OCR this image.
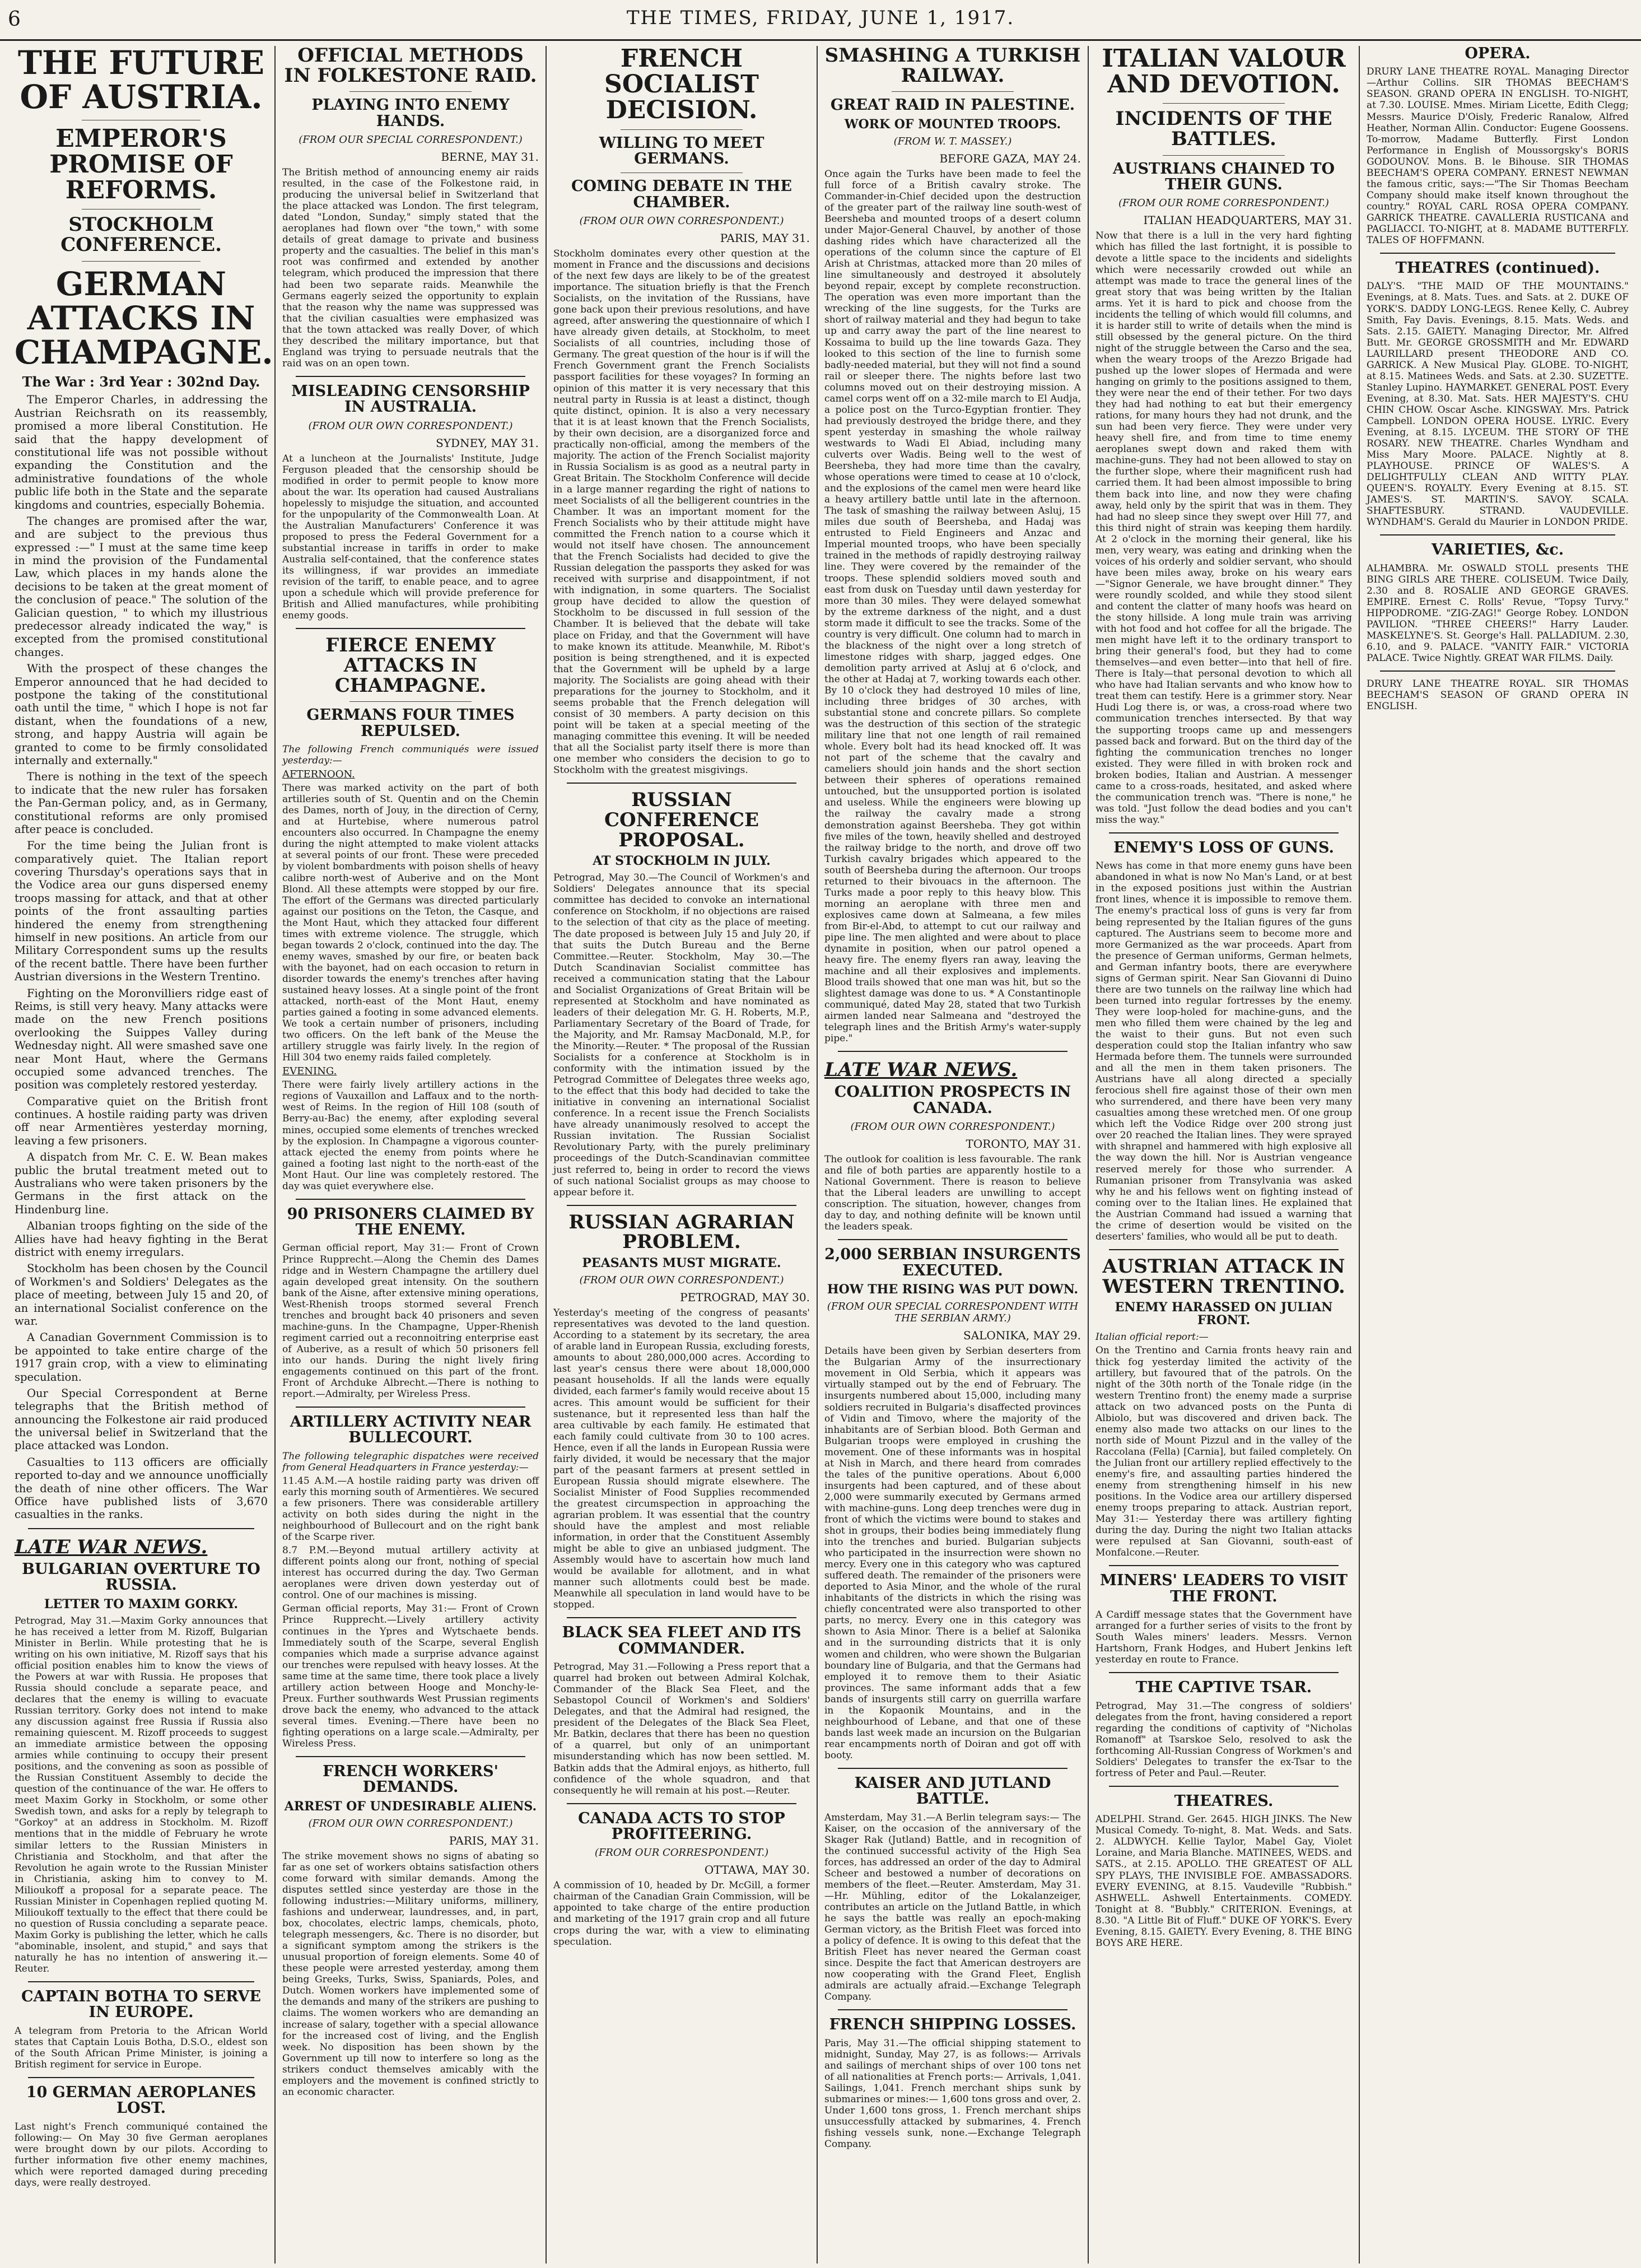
6	THE TIMES, FRIDAY, JUNE 1, 1917.
THE FUTURE OF AUSTRIA.
EMPEROR'S PROMISE OF REFORMS.
STOCKHOLM CONFERENCE.
GERMAN ATTACKS IN CHAMPAGNE.
The War : 3rd Year : 302nd Day.

The Emperor Charles, in addressing the Austrian Reichsrath on its reassembly, promised a more liberal Constitution. He said that the happy development of constitutional life was not possible without expanding the Constitution and the administrative foundations of the whole public life both in the State and the separate kingdoms and countries, especially Bohemia.

The changes are promised after the war, and are subject to the previous thus expressed :—" I must at the same time keep in mind the provision of the Fundamental Law, which places in my hands alone the decisions to be taken at the great moment of the conclusion of peace." The solution of the Galician question, " to which my illustrious predecessor already indicated the way," is excepted from the promised constitutional changes.

With the prospect of these changes the Emperor announced that he had decided to postpone the taking of the constitutional oath until the time, " which I hope is not far distant, when the foundations of a new, strong, and happy Austria will again be granted to come to be firmly consolidated internally and externally."

There is nothing in the text of the speech to indicate that the new ruler has forsaken the Pan-German policy, and, as in Germany, constitutional reforms are only promised after peace is concluded.

For the time being the Julian front is comparatively quiet. The Italian report covering Thursday's operations says that in the Vodice area our guns dispersed enemy troops massing for attack, and that at other points of the front assaulting parties hindered the enemy from strengthening himself in new positions. An article from our Military Correspondent sums up the results of the recent battle. There have been further Austrian diversions in the Western Trentino.

Fighting on the Moronvilliers ridge east of Reims, is still very heavy. Many attacks were made on the new French positions overlooking the Suippes Valley during Wednesday night. All were smashed save one near Mont Haut, where the Germans occupied some advanced trenches. The position was completely restored yesterday.

Comparative quiet on the British front continues. A hostile raiding party was driven off near Armentières yesterday morning, leaving a few prisoners.

A dispatch from Mr. C. E. W. Bean makes public the brutal treatment meted out to Australians who were taken prisoners by the Germans in the first attack on the Hindenburg line.

Albanian troops fighting on the side of the Allies have had heavy fighting in the Berat district with enemy irregulars.

Stockholm has been chosen by the Council of Workmen's and Soldiers' Delegates as the place of meeting, between July 15 and 20, of an international Socialist conference on the war.

A Canadian Government Commission is to be appointed to take entire charge of the 1917 grain crop, with a view to eliminating speculation.

Our Special Correspondent at Berne telegraphs that the British method of announcing the Folkestone air raid produced the universal belief in Switzerland that the place attacked was London.

Casualties to 113 officers are officially reported to-day and we announce unofficially the death of nine other officers. The War Office have published lists of 3,670 casualties in the ranks.

LATE WAR NEWS.
BULGARIAN OVERTURE TO RUSSIA.
LETTER TO MAXIM GORKY.

Petrograd, May 31.—Maxim Gorky announces that he has received a letter from M. Rizoff, Bulgarian Minister in Berlin. While protesting that he is writing on his own initiative, M. Rizoff says that his official position enables him to know the views of the Powers at war with Russia. He proposes that Russia should conclude a separate peace, and declares that the enemy is willing to evacuate Russian territory. Gorky does not intend to make any discussion against free Russia if Russia also remaining quiescent. M. Rizoff proceeds to suggest an immediate armistice between the opposing armies while continuing to occupy their present positions, and the convening as soon as possible of the Russian Constituent Assembly to decide the question of the continuance of the war. He offers to meet Maxim Gorky in Stockholm, or some other Swedish town, and asks for a reply by telegraph to "Gorkoy" at an address in Stockholm. M. Rizoff mentions that in the middle of February he wrote similar letters to the Russian Ministers in Christiania and Stockholm, and that after the Revolution he again wrote to the Russian Minister in Christiania, asking him to convey to M. Milioukoff a proposal for a separate peace. The Russian Minister in Copenhagen replied quoting M. Milioukoff textually to the effect that there could be no question of Russia concluding a separate peace. Maxim Gorky is publishing the letter, which he calls "abominable, insolent, and stupid," and says that naturally he has no intention of answering it.—Reuter.

CAPTAIN BOTHA TO SERVE IN EUROPE.

A telegram from Pretoria to the African World states that Captain Louis Botha, D.S.O., eldest son of the South African Prime Minister, is joining a British regiment for service in Europe.

10 GERMAN AEROPLANES LOST.

Last night's French communiqué contained the following:— On May 30 five German aeroplanes were brought down by our pilots. According to further information five other enemy machines, which were reported damaged during preceding days, were really destroyed.

OFFICIAL METHODS IN FOLKESTONE RAID.
PLAYING INTO ENEMY HANDS.
(FROM OUR SPECIAL CORRESPONDENT.)
BERNE, MAY 31.

The British method of announcing enemy air raids resulted, in the case of the Folkestone raid, in producing the universal belief in Switzerland that the place attacked was London. The first telegram, dated "London, Sunday," simply stated that the aeroplanes had flown over "the town," with some details of great damage to private and business property and the casualties. The belief in this man's root was confirmed and extended by another telegram, which produced the impression that there had been two separate raids. Meanwhile the Germans eagerly seized the opportunity to explain that the reason why the name was suppressed was that the civilian casualties were emphasized was that the town attacked was really Dover, of which they described the military importance, but that England was trying to persuade neutrals that the raid was on an open town.

MISLEADING CENSORSHIP IN AUSTRALIA.
(FROM OUR OWN CORRESPONDENT.)
SYDNEY, MAY 31.

At a luncheon at the Journalists' Institute, Judge Ferguson pleaded that the censorship should be modified in order to permit people to know more about the war. Its operation had caused Australians hopelessly to misjudge the situation, and accounted for the unpopularity of the Commonwealth Loan. At the Australian Manufacturers' Conference it was proposed to press the Federal Government for a substantial increase in tariffs in order to make Australia self-contained, that the conference states its willingness, if war provides an immediate revision of the tariff, to enable peace, and to agree upon a schedule which will provide preference for British and Allied manufactures, while prohibiting enemy goods.

FIERCE ENEMY ATTACKS IN CHAMPAGNE.
GERMANS FOUR TIMES REPULSED.

The following French communiqués were issued yesterday:—

AFTERNOON.

There was marked activity on the part of both artilleries south of St. Quentin and on the Chemin des Dames, north of Jouy, in the direction of Cerny, and at Hurtebise, where numerous patrol encounters also occurred. In Champagne the enemy during the night attempted to make violent attacks at several points of our front. These were preceded by violent bombardments with poison shells of heavy calibre north-west of Auberive and on the Mont Blond. All these attempts were stopped by our fire. The effort of the Germans was directed particularly against our positions on the Teton, the Casque, and the Mont Haut, which they attacked four different times with extreme violence. The struggle, which began towards 2 o'clock, continued into the day. The enemy waves, smashed by our fire, or beaten back with the bayonet, had on each occasion to return in disorder towards the enemy's trenches after having sustained heavy losses. At a single point of the front attacked, north-east of the Mont Haut, enemy parties gained a footing in some advanced elements. We took a certain number of prisoners, including two officers. On the left bank of the Meuse the artillery struggle was fairly lively. In the region of Hill 304 two enemy raids failed completely.

EVENING.

There were fairly lively artillery actions in the regions of Vauxaillon and Laffaux and to the north-west of Reims. In the region of Hill 108 (south of Berry-au-Bac) the enemy, after exploding several mines, occupied some elements of trenches wrecked by the explosion. In Champagne a vigorous counter-attack ejected the enemy from points where he gained a footing last night to the north-east of the Mont Haut. Our line was completely restored. The day was quiet everywhere else.

90 PRISONERS CLAIMED BY THE ENEMY.

German official report, May 31:— Front of Crown Prince Rupprecht.—Along the Chemin des Dames ridge and in Western Champagne the artillery duel again developed great intensity. On the southern bank of the Aisne, after extensive mining operations, West-Rhenish troops stormed several French trenches and brought back 40 prisoners and seven machine-guns. In the Champagne, Upper-Rhenish regiment carried out a reconnoitring enterprise east of Auberive, as a result of which 50 prisoners fell into our hands. During the night lively firing engagements continued on this part of the front. Front of Archduke Albrecht.—There is nothing to report.—Admiralty, per Wireless Press.

ARTILLERY ACTIVITY NEAR BULLECOURT.

The following telegraphic dispatches were received from General Headquarters in France yesterday:—

11.45 A.M.—A hostile raiding party was driven off early this morning south of Armentières. We secured a few prisoners. There was considerable artillery activity on both sides during the night in the neighbourhood of Bullecourt and on the right bank of the Scarpe river.

8.7 P.M.—Beyond mutual artillery activity at different points along our front, nothing of special interest has occurred during the day. Two German aeroplanes were driven down yesterday out of control. One of our machines is missing.

German official reports, May 31:— Front of Crown Prince Rupprecht.—Lively artillery activity continues in the Ypres and Wytschaete bends. Immediately south of the Scarpe, several English companies which made a surprise advance against our trenches were repulsed with heavy losses. At the same time at the same time, there took place a lively artillery action between Hooge and Monchy-le-Preux. Further southwards West Prussian regiments drove back the enemy, who advanced to the attack several times. Evening.—There have been no fighting operations on a large scale.—Admiralty, per Wireless Press.

FRENCH WORKERS' DEMANDS.
ARREST OF UNDESIRABLE ALIENS.
(FROM OUR OWN CORRESPONDENT.)
PARIS, MAY 31.

The strike movement shows no signs of abating so far as one set of workers obtains satisfaction others come forward with similar demands. Among the disputes settled since yesterday are those in the following industries:—Military uniforms, millinery, fashions and underwear, laundresses, and, in part, box, chocolates, electric lamps, chemicals, photo, telegraph messengers, &c. There is no disorder, but a significant symptom among the strikers is the unusual proportion of foreign elements. Some 40 of these people were arrested yesterday, among them being Greeks, Turks, Swiss, Spaniards, Poles, and Dutch. Women workers have implemented some of the demands and many of the strikers are pushing to claims. The women workers who are demanding an increase of salary, together with a special allowance for the increased cost of living, and the English week. No disposition has been shown by the Government up till now to interfere so long as the strikers conduct themselves amicably with the employers and the movement is confined strictly to an economic character.

FRENCH SOCIALIST DECISION.
WILLING TO MEET GERMANS.
COMING DEBATE IN THE CHAMBER.
(FROM OUR OWN CORRESPONDENT.)
PARIS, MAY 31.

Stockholm dominates every other question at the moment in France and the discussions and decisions of the next few days are likely to be of the greatest importance. The situation briefly is that the French Socialists, on the invitation of the Russians, have gone back upon their previous resolutions, and have agreed, after answering the questionnaire of which I have already given details, at Stockholm, to meet Socialists of all countries, including those of Germany. The great question of the hour is if will the French Government grant the French Socialists passport facilities for these voyages? In forming an opinion of this matter it is very necessary that this neutral party in Russia is at least a distinct, though quite distinct, opinion. It is also a very necessary that it is at least known that the French Socialists, by their own decision, are a disorganized force and practically non-official, among the members of the majority. The action of the French Socialist majority in Russia Socialism is as good as a neutral party in Great Britain. The Stockholm Conference will decide in a large manner regarding the right of nations to meet Socialists of all the belligerent countries in the Chamber. It was an important moment for the French Socialists who by their attitude might have committed the French nation to a course which it would not itself have chosen. The announcement that the French Socialists had decided to give the Russian delegation the passports they asked for was received with surprise and disappointment, if not with indignation, in some quarters. The Socialist group have decided to allow the question of Stockholm to be discussed in full session of the Chamber. It is believed that the debate will take place on Friday, and that the Government will have to make known its attitude. Meanwhile, M. Ribot's position is being strengthened, and it is expected that the Government will be upheld by a large majority. The Socialists are going ahead with their preparations for the journey to Stockholm, and it seems probable that the French delegation will consist of 30 members. A party decision on this point will be taken at a special meeting of the managing committee this evening. It will be needed that all the Socialist party itself there is more than one member who considers the decision to go to Stockholm with the greatest misgivings.

RUSSIAN CONFERENCE PROPOSAL.
AT STOCKHOLM IN JULY.

Petrograd, May 30.—The Council of Workmen's and Soldiers' Delegates announce that its special committee has decided to convoke an international conference on Stockholm, if no objections are raised to the selection of that city as the place of meeting. The date proposed is between July 15 and July 20, if that suits the Dutch Bureau and the Berne Committee.—Reuter. Stockholm, May 30.—The Dutch Scandinavian Socialist committee has received a communication stating that the Labour and Socialist Organizations of Great Britain will be represented at Stockholm and have nominated as leaders of their delegation Mr. G. H. Roberts, M.P., Parliamentary Secretary of the Board of Trade, for the Majority, and Mr. Ramsay MacDonald, M.P., for the Minority.—Reuter. * The proposal of the Russian Socialists for a conference at Stockholm is in conformity with the intimation issued by the Petrograd Committee of Delegates three weeks ago, to the effect that this body had decided to take the initiative in convening an international Socialist conference. In a recent issue the French Socialists have already unanimously resolved to accept the Russian invitation. The Russian Socialist Revolutionary Party, with the purely preliminary proceedings of the Dutch-Scandinavian committee just referred to, being in order to record the views of such national Socialist groups as may choose to appear before it.

RUSSIAN AGRARIAN PROBLEM.
PEASANTS MUST MIGRATE.
(FROM OUR OWN CORRESPONDENT.)
PETROGRAD, MAY 30.

Yesterday's meeting of the congress of peasants' representatives was devoted to the land question. According to a statement by its secretary, the area of arable land in European Russia, excluding forests, amounts to about 280,000,000 acres. According to last year's census there were about 18,000,000 peasant households. If all the lands were equally divided, each farmer's family would receive about 15 acres. This amount would be sufficient for their sustenance, but it represented less than half the area cultivable by each family. He estimated that each family could cultivate from 30 to 100 acres. Hence, even if all the lands in European Russia were fairly divided, it would be necessary that the major part of the peasant farmers at present settled in European Russia should migrate elsewhere. The Socialist Minister of Food Supplies recommended the greatest circumspection in approaching the agrarian problem. It was essential that the country should have the amplest and most reliable information, in order that the Constituent Assembly might be able to give an unbiased judgment. The Assembly would have to ascertain how much land would be available for allotment, and in what manner such allotments could best be made. Meanwhile all speculation in land would have to be stopped.

BLACK SEA FLEET AND ITS COMMANDER.

Petrograd, May 31.—Following a Press report that a quarrel had broken out between Admiral Kolchak, Commander of the Black Sea Fleet, and the Sebastopol Council of Workmen's and Soldiers' Delegates, and that the Admiral had resigned, the president of the Delegates of the Black Sea Fleet, Mr. Batkin, declares that there has been no question of a quarrel, but only of an unimportant misunderstanding which has now been settled. M. Batkin adds that the Admiral enjoys, as hitherto, full confidence of the whole squadron, and that consequently he will remain at his post.—Reuter.

CANADA ACTS TO STOP PROFITEERING.
(FROM OUR CORRESPONDENT.)
OTTAWA, MAY 30.

A commission of 10, headed by Dr. McGill, a former chairman of the Canadian Grain Commission, will be appointed to take charge of the entire production and marketing of the 1917 grain crop and all future crops during the war, with a view to eliminating speculation.

SMASHING A TURKISH RAILWAY.
GREAT RAID IN PALESTINE.
WORK OF MOUNTED TROOPS.
(FROM W. T. MASSEY.)
BEFORE GAZA, MAY 24.

Once again the Turks have been made to feel the full force of a British cavalry stroke. The Commander-in-Chief decided upon the destruction of the greater part of the railway line south-west of Beersheba and mounted troops of a desert column under Major-General Chauvel, by another of those dashing rides which have characterized all the operations of the column since the capture of El Arish at Christmas, attacked more than 20 miles of line simultaneously and destroyed it absolutely beyond repair, except by complete reconstruction. The operation was even more important than the wrecking of the line suggests, for the Turks are short of railway material and they had begun to take up and carry away the part of the line nearest to Kossaima to build up the line towards Gaza. They looked to this section of the line to furnish some badly-needed material, but they will not find a sound rail or sleeper there. The nights before last two columns moved out on their destroying mission. A camel corps went off on a 32-mile march to El Audja, a police post on the Turco-Egyptian frontier. They had previously destroyed the bridge there, and they spent yesterday in smashing the whole railway westwards to Wadi El Abiad, including many culverts over Wadis. Being well to the west of Beersheba, they had more time than the cavalry, whose operations were timed to cease at 10 o'clock, and the explosions of the camel men were heard like a heavy artillery battle until late in the afternoon. The task of smashing the railway between Asluj, 15 miles due south of Beersheba, and Hadaj was entrusted to Field Engineers and Anzac and Imperial mounted troops, who have been specially trained in the methods of rapidly destroying railway line. They were covered by the remainder of the troops. These splendid soldiers moved south and east from dusk on Tuesday until dawn yesterday for more than 30 miles. They were delayed somewhat by the extreme darkness of the night, and a dust storm made it difficult to see the tracks. Some of the country is very difficult. One column had to march in the blackness of the night over a long stretch of limestone ridges with sharp, jagged edges. One demolition party arrived at Asluj at 6 o'clock, and the other at Hadaj at 7, working towards each other. By 10 o'clock they had destroyed 10 miles of line, including three bridges of 30 arches, with substantial stone and concrete pillars. So complete was the destruction of this section of the strategic military line that not one length of rail remained whole. Every bolt had its head knocked off. It was not part of the scheme that the cavalry and cameliers should join hands and the short section between their spheres of operations remained untouched, but the unsupported portion is isolated and useless. While the engineers were blowing up the railway the cavalry made a strong demonstration against Beersheba. They got within five miles of the town, heavily shelled and destroyed the railway bridge to the north, and drove off two Turkish cavalry brigades which appeared to the south of Beersheba during the afternoon. Our troops returned to their bivouacs in the afternoon. The Turks made a poor reply to this heavy blow. This morning an aeroplane with three men and explosives came down at Salmeana, a few miles from Bir-el-Abd, to attempt to cut our railway and pipe line. The men alighted and were about to place dynamite in position, when our patrol opened a heavy fire. The enemy flyers ran away, leaving the machine and all their explosives and implements. Blood trails showed that one man was hit, but so the slightest damage was done to us. * A Constantinople communiqué, dated May 28, stated that two Turkish airmen landed near Salmeana and "destroyed the telegraph lines and the British Army's water-supply pipe."

LATE WAR NEWS.
COALITION PROSPECTS IN CANADA.
(FROM OUR OWN CORRESPONDENT.)
TORONTO, MAY 31.

The outlook for coalition is less favourable. The rank and file of both parties are apparently hostile to a National Government. There is reason to believe that the Liberal leaders are unwilling to accept conscription. The situation, however, changes from day to day, and nothing definite will be known until the leaders speak.

2,000 SERBIAN INSURGENTS EXECUTED.
HOW THE RISING WAS PUT DOWN.
(FROM OUR SPECIAL CORRESPONDENT WITH THE SERBIAN ARMY.)
SALONIKA, MAY 29.

Details have been given by Serbian deserters from the Bulgarian Army of the insurrectionary movement in Old Serbia, which it appears was virtually stamped out by the end of February. The insurgents numbered about 15,000, including many soldiers recruited in Bulgaria's disaffected provinces of Vidin and Timovo, where the majority of the inhabitants are of Serbian blood. Both German and Bulgarian troops were employed in crushing the movement. One of these informants was in hospital at Nish in March, and there heard from comrades the tales of the punitive operations. About 6,000 insurgents had been captured, and of these about 2,000 were summarily executed by Germans armed with machine-guns. Long deep trenches were dug in front of which the victims were bound to stakes and shot in groups, their bodies being immediately flung into the trenches and buried. Bulgarian subjects who participated in the insurrection were shown no mercy. Every one in this category who was captured suffered death. The remainder of the prisoners were deported to Asia Minor, and the whole of the rural inhabitants of the districts in which the rising was chiefly concentrated were also transported to other parts, no mercy. Every one in this category was shown to Asia Minor. There is a belief at Salonika and in the surrounding districts that it is only women and children, who were shown the Bulgarian boundary line of Bulgaria, and that the Germans had employed it to remove them to their Asiatic provinces. The same informant adds that a few bands of insurgents still carry on guerrilla warfare in the Kopaonik Mountains, and in the neighbourhood of Lebane, and that one of these bands last week made an incursion on the Bulgarian rear encampments north of Doiran and got off with booty.

KAISER AND JUTLAND BATTLE.

Amsterdam, May 31.—A Berlin telegram says:— The Kaiser, on the occasion of the anniversary of the Skager Rak (Jutland) Battle, and in recognition of the continued successful activity of the High Sea forces, has addressed an order of the day to Admiral Scheer and bestowed a number of decorations on members of the fleet.—Reuter. Amsterdam, May 31.—Hr. Mühling, editor of the Lokalanzeiger, contributes an article on the Jutland Battle, in which he says the battle was really an epoch-making German victory, as the British Fleet was forced into a policy of defence. It is owing to this defeat that the British Fleet has never neared the German coast since. Despite the fact that American destroyers are now cooperating with the Grand Fleet, English admirals are actually afraid.—Exchange Telegraph Company.

FRENCH SHIPPING LOSSES.

Paris, May 31.—The official shipping statement to midnight, Sunday, May 27, is as follows:— Arrivals and sailings of merchant ships of over 100 tons net of all nationalities at French ports:— Arrivals, 1,041. Sailings, 1,041. French merchant ships sunk by submarines or mines:— 1,600 tons gross and over, 2. Under 1,600 tons gross, 1. French merchant ships unsuccessfully attacked by submarines, 4. French fishing vessels sunk, none.—Exchange Telegraph Company.

ITALIAN VALOUR AND DEVOTION.
INCIDENTS OF THE BATTLES.
AUSTRIANS CHAINED TO THEIR GUNS.
(FROM OUR ROME CORRESPONDENT.)
ITALIAN HEADQUARTERS, MAY 31.

Now that there is a lull in the very hard fighting which has filled the last fortnight, it is possible to devote a little space to the incidents and sidelights which were necessarily crowded out while an attempt was made to trace the general lines of the great story that was being written by the Italian arms. Yet it is hard to pick and choose from the incidents the telling of which would fill columns, and it is harder still to write of details when the mind is still obsessed by the general picture. On the third night of the struggle between the Carso and the sea, when the weary troops of the Arezzo Brigade had pushed up the lower slopes of Hermada and were hanging on grimly to the positions assigned to them, they were near the end of their tether. For two days they had had nothing to eat but their emergency rations, for many hours they had not drunk, and the sun had been very fierce. They were under very heavy shell fire, and from time to time enemy aeroplanes swept down and raked them with machine-guns. They had not been allowed to stay on the further slope, where their magnificent rush had carried them. It had been almost impossible to bring them back into line, and now they were chafing away, held only by the spirit that was in them. They had had no sleep since they swept over Hill 77, and this third night of strain was keeping them hardily. At 2 o'clock in the morning their general, like his men, very weary, was eating and drinking when the voices of his orderly and soldier servant, who should have been miles away, broke on his weary ears—"Signor Generale, we have brought dinner." They were roundly scolded, and while they stood silent and content the clatter of many hoofs was heard on the stony hillside. A long mule train was arriving with hot food and hot coffee for all the brigade. The men might have left it to the ordinary transport to bring their general's food, but they had to come themselves—and even better—into that hell of fire. There is Italy—that personal devotion to which all who have had Italian servants and who know how to treat them can testify. Here is a grimmer story. Near Hudi Log there is, or was, a cross-road where two communication trenches intersected. By that way the supporting troops came up and messengers passed back and forward. But on the third day of the fighting the communication trenches no longer existed. They were filled in with broken rock and broken bodies, Italian and Austrian. A messenger came to a cross-roads, hesitated, and asked where the communication trench was. "There is none," he was told. "Just follow the dead bodies and you can't miss the way."

ENEMY'S LOSS OF GUNS.

News has come in that more enemy guns have been abandoned in what is now No Man's Land, or at best in the exposed positions just within the Austrian front lines, whence it is impossible to remove them. The enemy's practical loss of guns is very far from being represented by the Italian figures of the guns captured. The Austrians seem to become more and more Germanized as the war proceeds. Apart from the presence of German uniforms, German helmets, and German infantry boots, there are everywhere signs of German spirit. Near San Giovanni di Duino there are two tunnels on the railway line which had been turned into regular fortresses by the enemy. They were loop-holed for machine-guns, and the men who filled them were chained by the leg and the waist to their guns. But not even such desperation could stop the Italian infantry who saw Hermada before them. The tunnels were surrounded and all the men in them taken prisoners. The Austrians have all along directed a specially ferocious shell fire against those of their own men who surrendered, and there have been very many casualties among these wretched men. Of one group which left the Vodice Ridge over 200 strong just over 20 reached the Italian lines. They were sprayed with shrapnel and hammered with high explosive all the way down the hill. Nor is Austrian vengeance reserved merely for those who surrender. A Rumanian prisoner from Transylvania was asked why he and his fellows went on fighting instead of coming over to the Italian lines. He explained that the Austrian Command had issued a warning that the crime of desertion would be visited on the deserters' families, who would all be put to death.

AUSTRIAN ATTACK IN WESTERN TRENTINO.
ENEMY HARASSED ON JULIAN FRONT.

Italian official report:—

On the Trentino and Carnia fronts heavy rain and thick fog yesterday limited the activity of the artillery, but favoured that of the patrols. On the night of the 30th north of the Tonale ridge (in the western Trentino front) the enemy made a surprise attack on two advanced posts on the Punta di Albiolo, but was discovered and driven back. The enemy also made two attacks on our lines to the north side of Mount Pizzul and in the valley of the Raccolana (Fella) [Carnia], but failed completely. On the Julian front our artillery replied effectively to the enemy's fire, and assaulting parties hindered the enemy from strengthening himself in his new positions. In the Vodice area our artillery dispersed enemy troops preparing to attack. Austrian report, May 31:— Yesterday there was artillery fighting during the day. During the night two Italian attacks were repulsed at San Giovanni, south-east of Monfalcone.—Reuter.

MINERS' LEADERS TO VISIT THE FRONT.

A Cardiff message states that the Government have arranged for a further series of visits to the front by South Wales miners' leaders. Messrs. Vernon Hartshorn, Frank Hodges, and Hubert Jenkins left yesterday en route to France.

THE CAPTIVE TSAR.

Petrograd, May 31.—The congress of soldiers' delegates from the front, having considered a report regarding the conditions of captivity of "Nicholas Romanoff" at Tsarskoe Selo, resolved to ask the forthcoming All-Russian Congress of Workmen's and Soldiers' Delegates to transfer the ex-Tsar to the fortress of Peter and Paul.—Reuter.

THEATRES.

ADELPHI. Strand. Ger. 2645. HIGH JINKS. The New Musical Comedy. To-night, 8. Mat. Weds. and Sats. 2. ALDWYCH. Kellie Taylor, Mabel Gay, Violet Loraine, and Maria Blanche. MATINEES, WEDS. and SATS., at 2.15. APOLLO. THE GREATEST OF ALL SPY PLAYS, THE INVISIBLE FOE. AMBASSADORS. EVERY EVENING, at 8.15. Vaudeville "Rubbish." ASHWELL. Ashwell Entertainments. COMEDY. Tonight at 8. "Bubbly." CRITERION. Evenings, at 8.30. "A Little Bit of Fluff." DUKE OF YORK'S. Every Evening, 8.15. GAIETY. Every Evening, 8. THE BING BOYS ARE HERE.

OPERA.

DRURY LANE THEATRE ROYAL. Managing Director—Arthur Collins. SIR THOMAS BEECHAM'S SEASON. GRAND OPERA IN ENGLISH. TO-NIGHT, at 7.30. LOUISE. Mmes. Miriam Licette, Edith Clegg; Messrs. Maurice D'Oisly, Frederic Ranalow, Alfred Heather, Norman Allin. Conductor: Eugene Goossens. To-morrow, Madame Butterfly. First London Performance in English of Moussorgsky's BORIS GODOUNOV. Mons. B. le Bihouse. SIR THOMAS BEECHAM'S OPERA COMPANY. ERNEST NEWMAN the famous critic, says:—"The Sir Thomas Beecham Company should make itself known throughout the country." ROYAL CARL ROSA OPERA COMPANY. GARRICK THEATRE. CAVALLERIA RUSTICANA and PAGLIACCI. TO-NIGHT, at 8. MADAME BUTTERFLY. TALES OF HOFFMANN.

THEATRES (continued).

DALY'S. "THE MAID OF THE MOUNTAINS." Evenings, at 8. Mats. Tues. and Sats. at 2. DUKE OF YORK'S. DADDY LONG-LEGS. Renee Kelly, C. Aubrey Smith, Fay Davis. Evenings, 8.15. Mats. Weds. and Sats. 2.15. GAIETY. Managing Director, Mr. Alfred Butt. Mr. GEORGE GROSSMITH and Mr. EDWARD LAURILLARD present THEODORE AND CO. GARRICK. A New Musical Play. GLOBE. TO-NIGHT, at 8.15. Matinees Weds. and Sats. at 2.30. SUZETTE. Stanley Lupino. HAYMARKET. GENERAL POST. Every Evening, at 8.30. Mat. Sats. HER MAJESTY'S. CHU CHIN CHOW. Oscar Asche. KINGSWAY. Mrs. Patrick Campbell. LONDON OPERA HOUSE. LYRIC. Every Evening, at 8.15. LYCEUM. THE STORY OF THE ROSARY. NEW THEATRE. Charles Wyndham and Miss Mary Moore. PALACE. Nightly at 8. PLAYHOUSE. PRINCE OF WALES'S. A DELIGHTFULLY CLEAN AND WITTY PLAY. QUEEN'S. ROYALTY. Every Evening at 8.15. ST. JAMES'S. ST. MARTIN'S. SAVOY. SCALA. SHAFTESBURY. STRAND. VAUDEVILLE. WYNDHAM'S. Gerald du Maurier in LONDON PRIDE.

VARIETIES, &c.

ALHAMBRA. Mr. OSWALD STOLL presents THE BING GIRLS ARE THERE. COLISEUM. Twice Daily, 2.30 and 8. ROSALIE AND GEORGE GRAVES. EMPIRE. Ernest C. Rolls' Revue, "Topsy Turvy." HIPPODROME. "ZIG-ZAG!" George Robey. LONDON PAVILION. "THREE CHEERS!" Harry Lauder. MASKELYNE'S. St. George's Hall. PALLADIUM. 2.30, 6.10, and 9. PALACE. "VANITY FAIR." VICTORIA PALACE. Twice Nightly. GREAT WAR FILMS. Daily.

DRURY LANE THEATRE ROYAL. SIR THOMAS BEECHAM'S SEASON OF GRAND OPERA IN ENGLISH.
